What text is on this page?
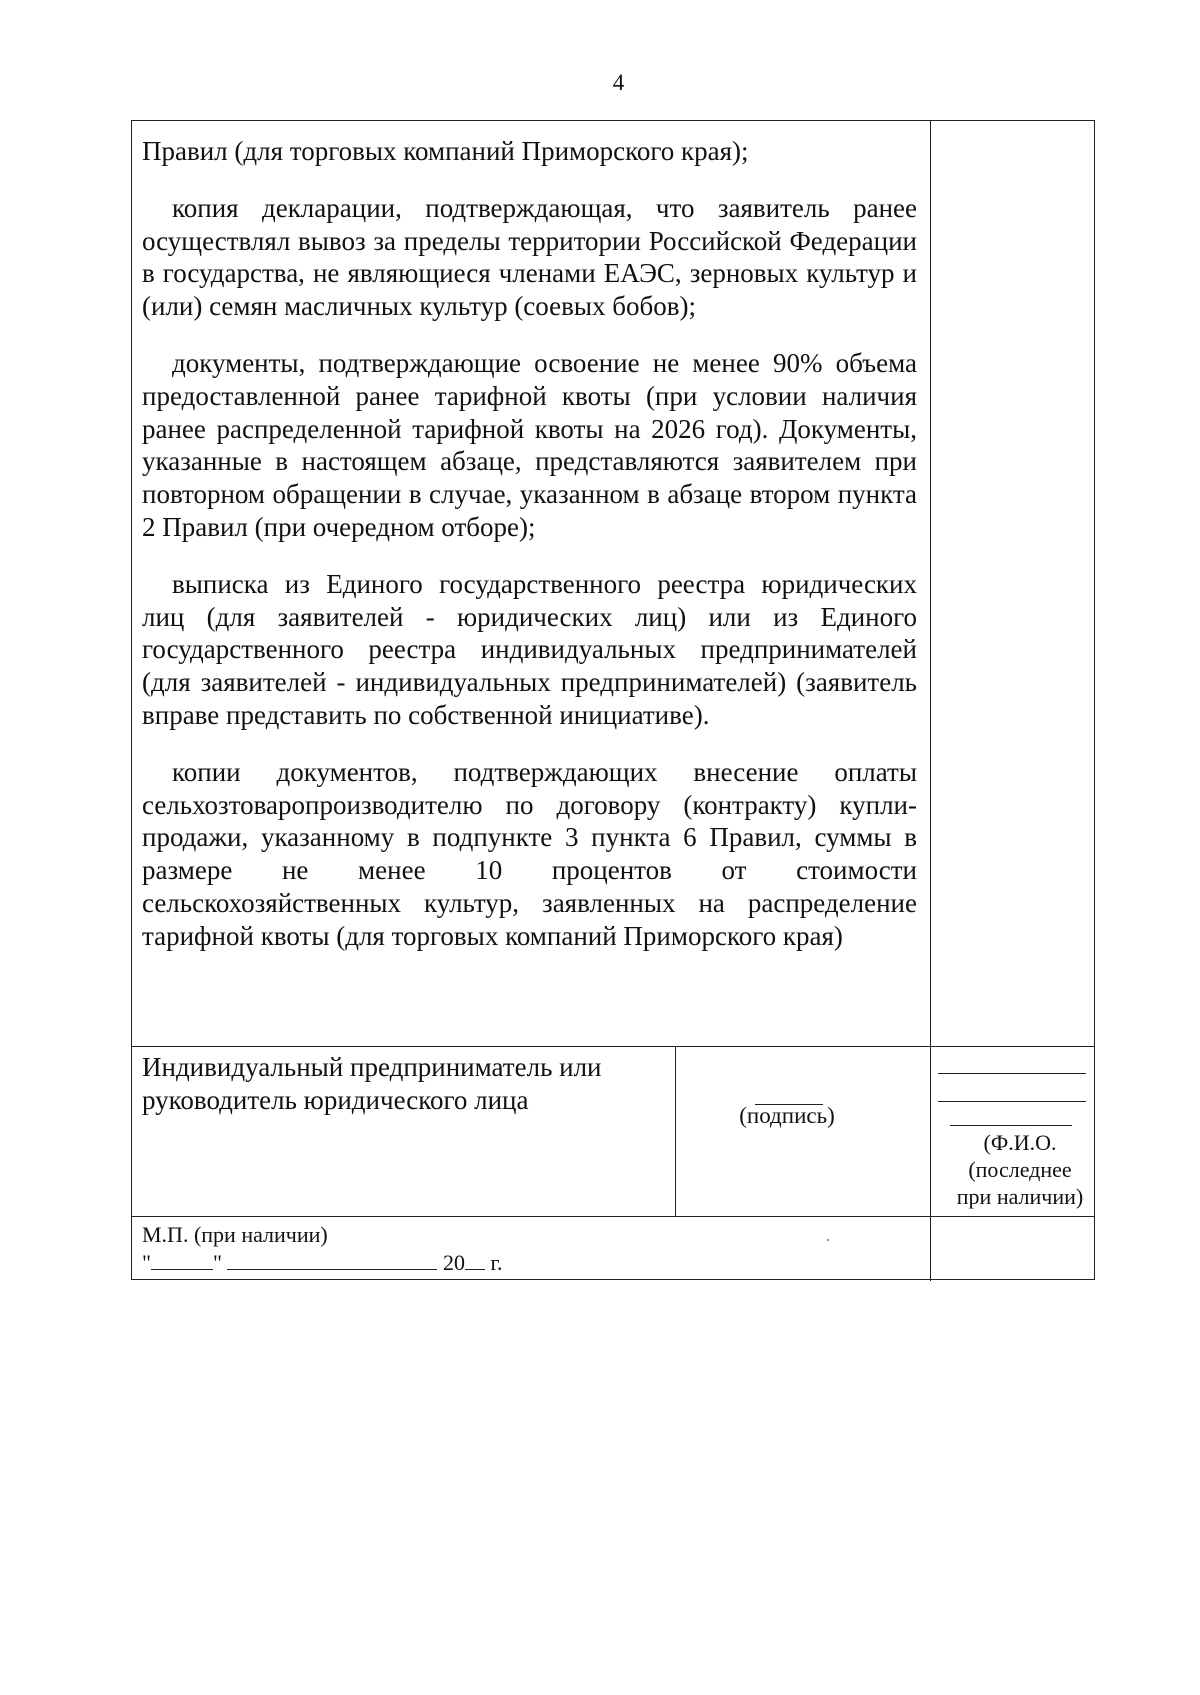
4

Правил (для торговых компаний Приморского края);

копия декларации, подтверждающая, что заявитель ранее осуществлял вывоз за пределы территории Российской Федерации в государства, не являющиеся членами ЕАЭС, зерновых культур и (или) семян масличных культур (соевых бобов);

документы, подтверждающие освоение не менее 90% объема предоставленной ранее тарифной квоты (при условии наличия ранее распределенной тарифной квоты на 2026 год). Документы, указанные в настоящем абзаце, представляются заявителем при повторном обращении в случае, указанном в абзаце втором пункта 2 Правил (при очередном отборе);

выписка из Единого государственного реестра юридических лиц (для заявителей - юридических лиц) или из Единого государственного реестра индивидуальных предпринимателей (для заявителей - индивидуальных предпринимателей) (заявитель вправе представить по собственной инициативе).

копии документов, подтверждающих внесение оплаты сельхозтоваропроизводителю по договору (контракту) купли-продажи, указанному в подпункте 3 пункта 6 Правил, суммы в размере не менее 10 процентов от стоимости сельскохозяйственных культур, заявленных на распределение тарифной квоты (для торговых компаний Приморского края)

Индивидуальный предприниматель или руководитель юридического лица
(подпись)
(Ф.И.О.
(последнее
при наличии)
М.П. (при наличии)
"	"	20 г.
